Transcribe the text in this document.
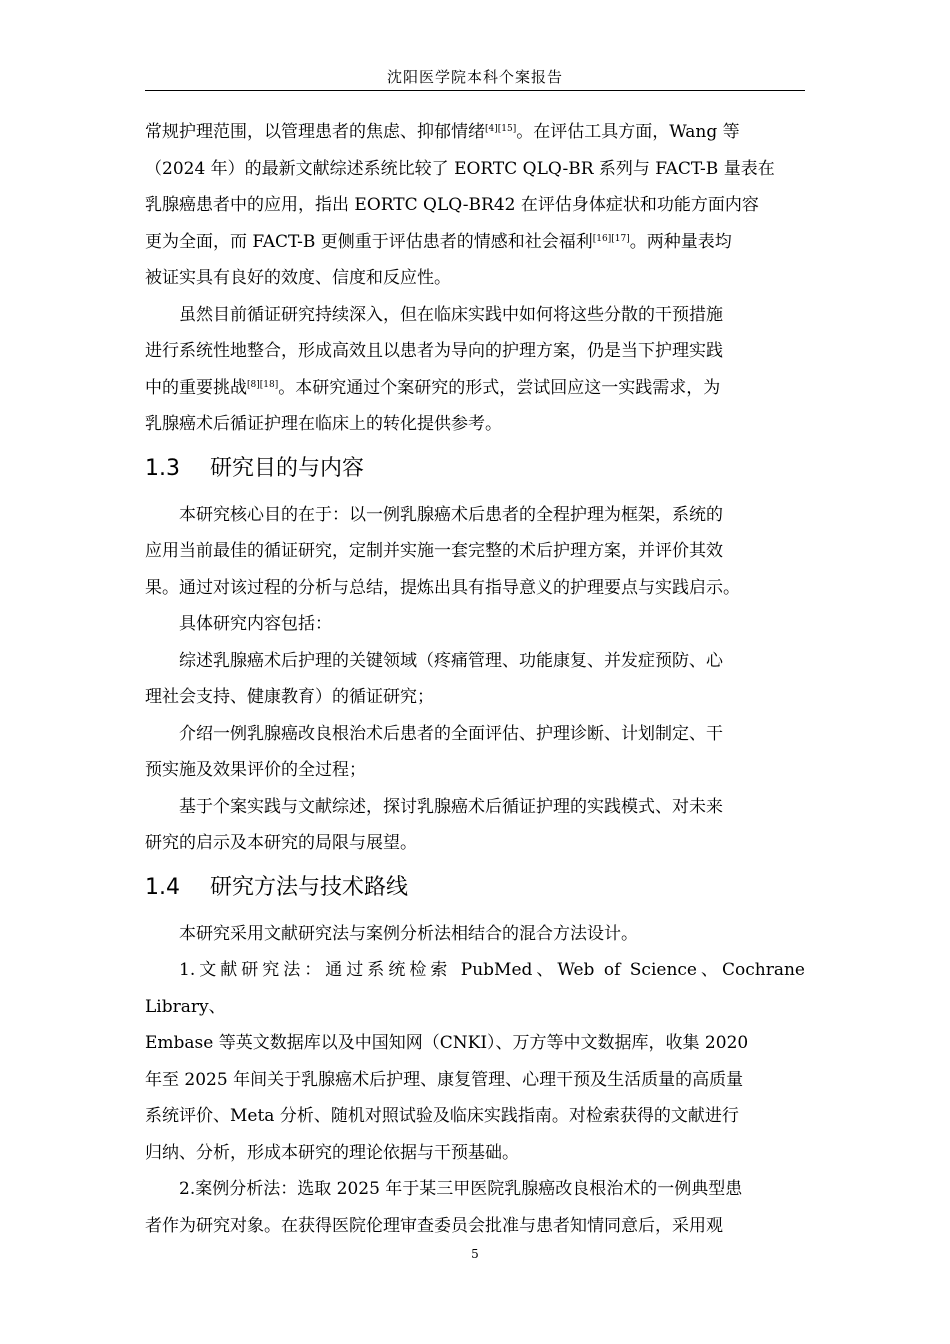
沈阳医学院本科个案报告

常规护理范围，以管理患者的焦虑、抑郁情绪[4][15]。在评估工具方面，Wang 等
（2024 年）的最新文献综述系统比较了 EORTC QLQ-BR 系列与 FACT-B 量表在
乳腺癌患者中的应用，指出 EORTC QLQ-BR42 在评估身体症状和功能方面内容
更为全面，而 FACT-B 更侧重于评估患者的情感和社会福利[16][17]。两种量表均
被证实具有良好的效度、信度和反应性。

虽然目前循证研究持续深入，但在临床实践中如何将这些分散的干预措施
进行系统性地整合，形成高效且以患者为导向的护理方案，仍是当下护理实践
中的重要挑战[8][18]。本研究通过个案研究的形式，尝试回应这一实践需求，为
乳腺癌术后循证护理在临床上的转化提供参考。

1.3 研究目的与内容

本研究核心目的在于：以一例乳腺癌术后患者的全程护理为框架，系统的
应用当前最佳的循证研究，定制并实施一套完整的术后护理方案，并评价其效
果。通过对该过程的分析与总结，提炼出具有指导意义的护理要点与实践启示。

具体研究内容包括：

综述乳腺癌术后护理的关键领域（疼痛管理、功能康复、并发症预防、心
理社会支持、健康教育）的循证研究；

介绍一例乳腺癌改良根治术后患者的全面评估、护理诊断、计划制定、干
预实施及效果评价的全过程；

基于个案实践与文献综述，探讨乳腺癌术后循证护理的实践模式、对未来
研究的启示及本研究的局限与展望。

1.4 研究方法与技术路线

本研究采用文献研究法与案例分析法相结合的混合方法设计。

1.文献研究法：通过系统检索 PubMed、Web of Science、Cochrane Library、
Embase 等英文数据库以及中国知网（CNKI）、万方等中文数据库，收集 2020
年至 2025 年间关于乳腺癌术后护理、康复管理、心理干预及生活质量的高质量
系统评价、Meta 分析、随机对照试验及临床实践指南。对检索获得的文献进行
归纳、分析，形成本研究的理论依据与干预基础。

2.案例分析法：选取 2025 年于某三甲医院乳腺癌改良根治术的一例典型患
者作为研究对象。在获得医院伦理审查委员会批准与患者知情同意后，采用观

5
